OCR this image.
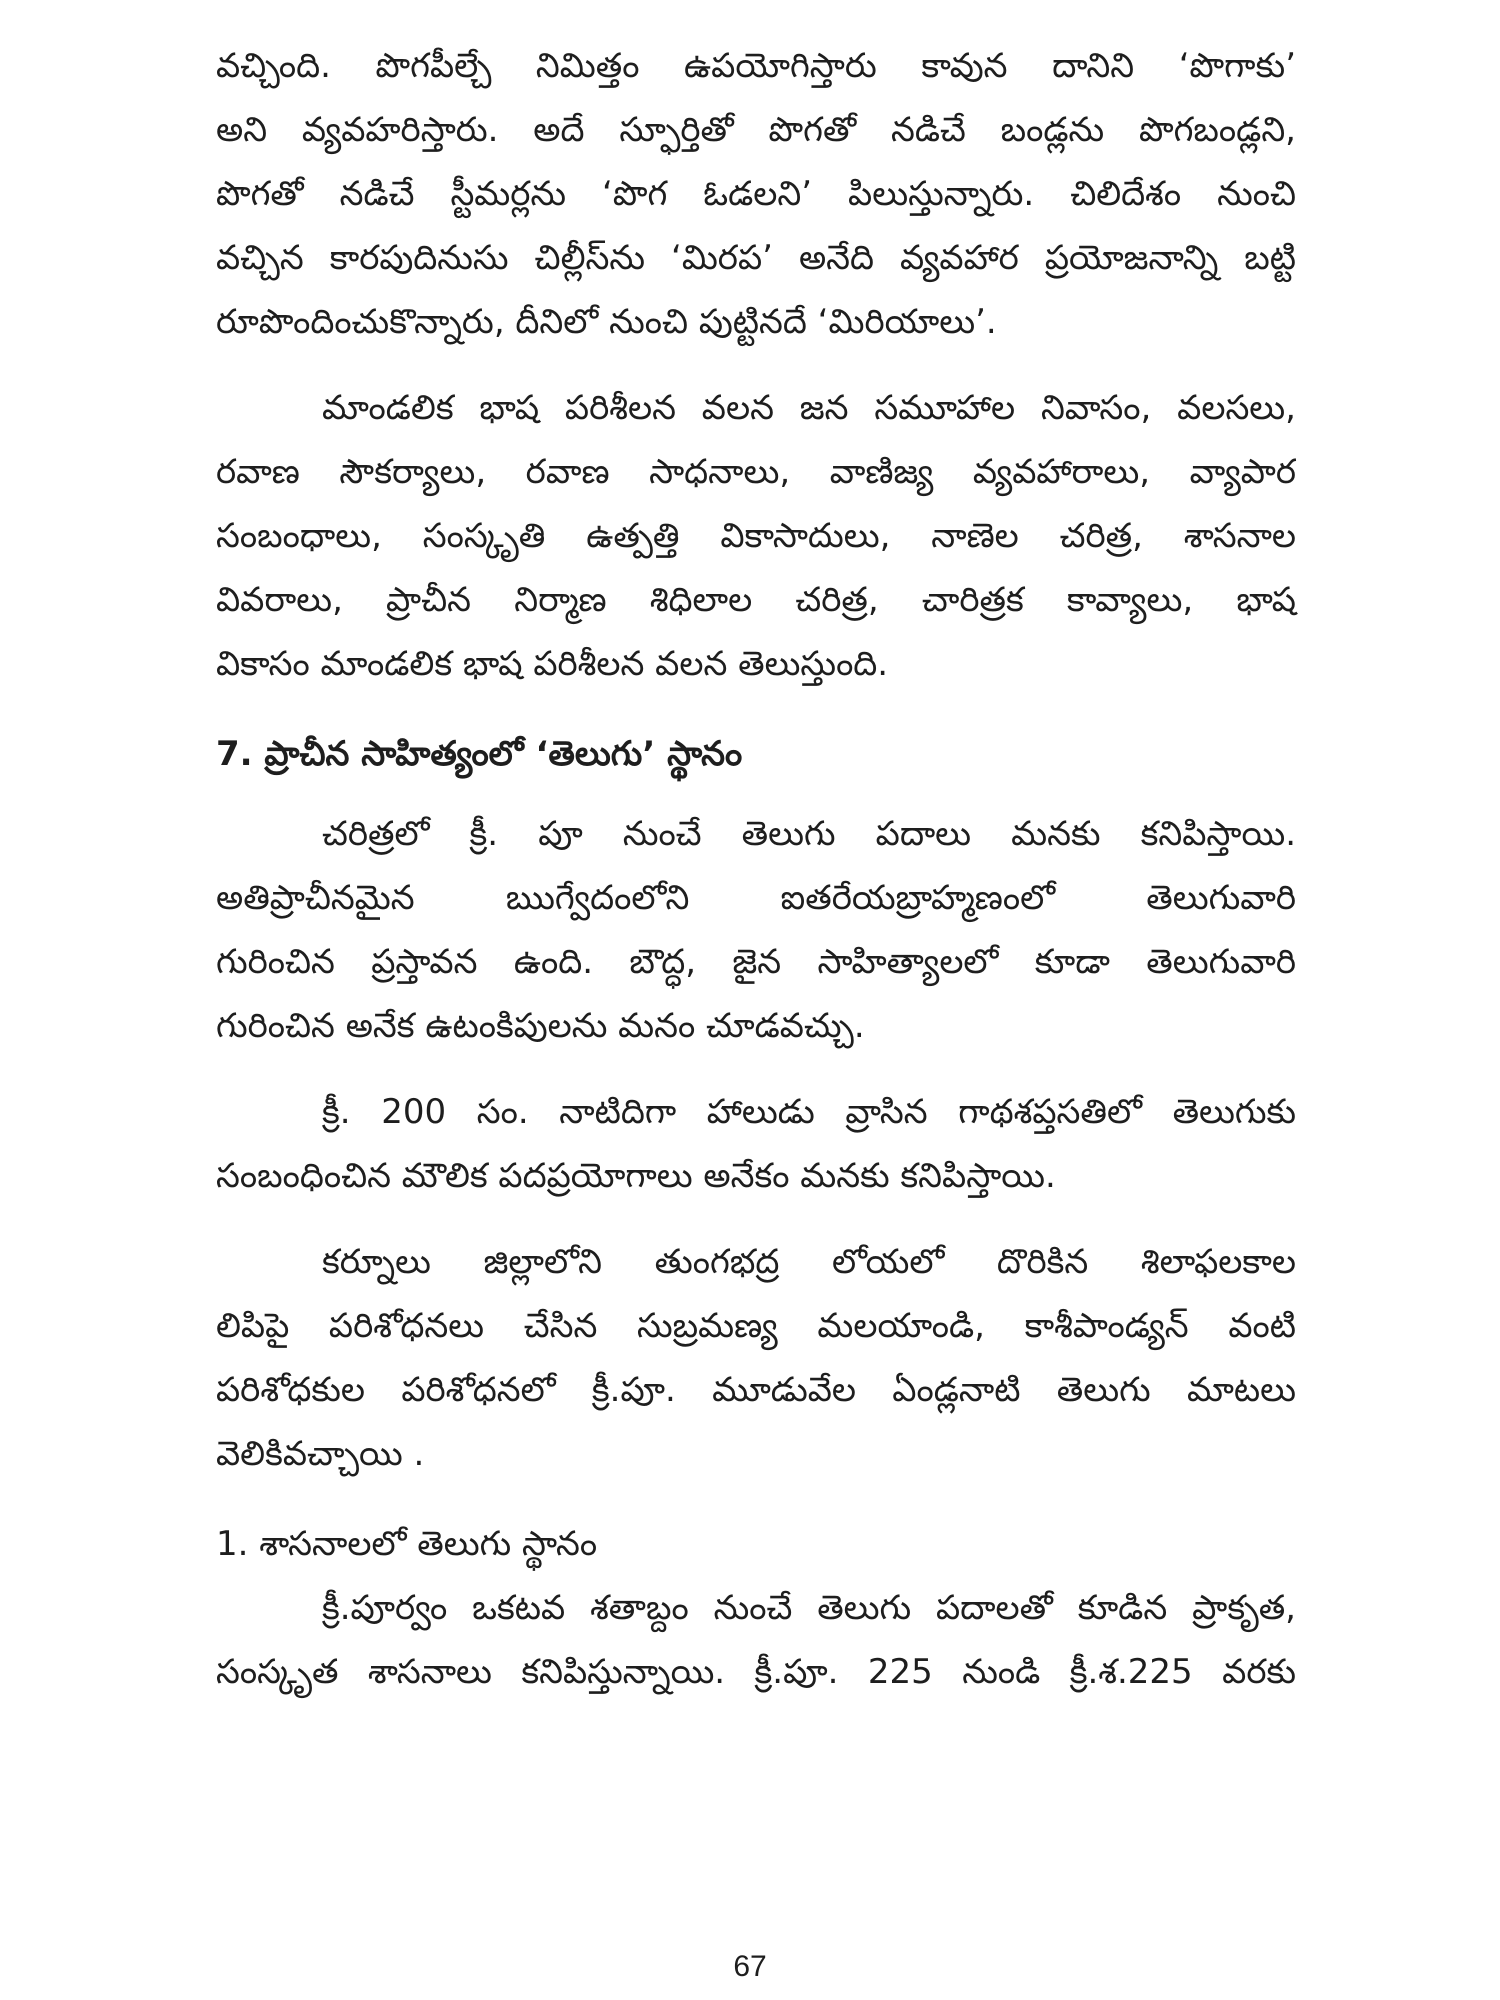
వచ్చింది. పొగపీల్చే నిమిత్తం ఉపయోగిస్తారు కావున దానిని ‘పొగాకు’
అని వ్యవహరిస్తారు. అదే స్ఫూర్తితో పొగతో నడిచే బండ్లను పొగబండ్లని,
పొగతో నడిచే స్టీమర్లను ‘పొగ ఓడలని’ పిలుస్తున్నారు. చిలిదేశం నుంచి
వచ్చిన కారపుదినుసు చిల్లీస్‌ను ‘మిరప’ అనేది వ్యవహార ప్రయోజనాన్ని బట్టి
రూపొందించుకొన్నారు, దీనిలో నుంచి పుట్టినదే ‘మిరియాలు’.
మాండలిక భాష పరిశీలన వలన జన సమూహాల నివాసం, వలసలు,
రవాణ సౌకర్యాలు, రవాణ సాధనాలు, వాణిజ్య వ్యవహారాలు, వ్యాపార
సంబంధాలు, సంస్కృతి ఉత్పత్తి వికాసాదులు, నాణెల చరిత్ర, శాసనాల
వివరాలు, ప్రాచీన నిర్మాణ శిధిలాల చరిత్ర, చారిత్రక కావ్యాలు, భాష
వికాసం మాండలిక భాష పరిశీలన వలన తెలుస్తుంది.
7. ప్రాచీన సాహిత్యంలో ‘తెలుగు’ స్థానం
చరిత్రలో క్రీ. పూ నుంచే తెలుగు పదాలు మనకు కనిపిస్తాయి.
అతిప్రాచీనమైన ఋగ్వేదంలోని ఐతరేయబ్రాహ్మణంలో తెలుగువారి
గురించిన ప్రస్తావన ఉంది. బౌద్ధ, జైన సాహిత్యాలలో కూడా తెలుగువారి
గురించిన అనేక ఉటంకిపులను మనం చూడవచ్చు.
క్రీ. 200 సం. నాటిదిగా హాలుడు వ్రాసిన గాథశప్తసతిలో తెలుగుకు
సంబంధించిన మౌలిక పదప్రయోగాలు అనేకం మనకు కనిపిస్తాయి.
కర్నూలు జిల్లాలోని తుంగభద్ర లోయలో దొరికిన శిలాఫలకాల
లిపిపై పరిశోధనలు చేసిన సుబ్రమణ్య మలయాండి, కాశీపాండ్యన్ వంటి
పరిశోధకుల పరిశోధనలో క్రీ.పూ. మూడువేల ఏండ్లనాటి తెలుగు మాటలు
వెలికివచ్చాయి .
1. శాసనాలలో తెలుగు స్థానం
క్రీ.పూర్వం ఒకటవ శతాబ్దం నుంచే తెలుగు పదాలతో కూడిన ప్రాకృత,
సంస్కృత శాసనాలు కనిపిస్తున్నాయి. క్రీ.పూ. 225 నుండి క్రీ.శ.225 వరకు
67
